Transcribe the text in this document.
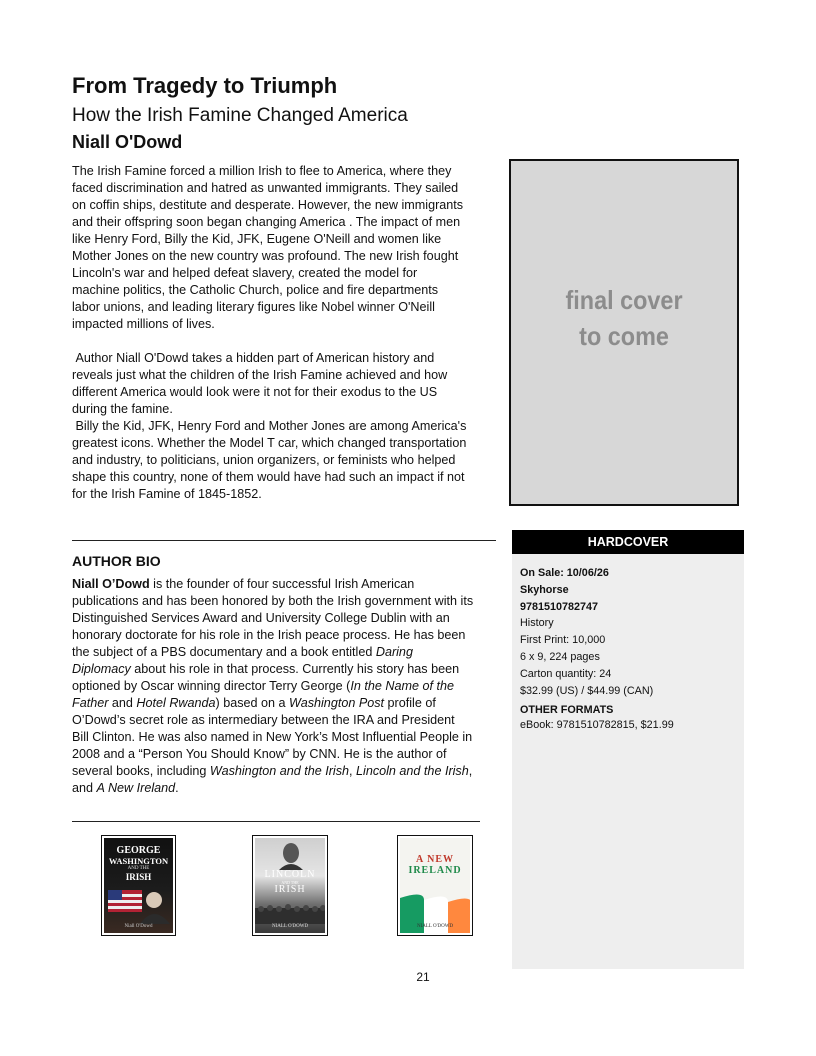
From Tragedy to Triumph
How the Irish Famine Changed America
Niall O'Dowd

The Irish Famine forced a million Irish to flee to America, where they faced discrimination and hatred as unwanted immigrants. They sailed on coffin ships, destitute and desperate. However, the new immigrants and their offspring soon began changing America . The impact of men like Henry Ford, Billy the Kid, JFK, Eugene O'Neill and women like Mother Jones on the new country was profound. The new Irish fought Lincoln's war and helped defeat slavery, created the model for machine politics, the Catholic Church, police and fire departments labor unions, and leading literary figures like Nobel winner O'Neill impacted millions of lives.

Author Niall O'Dowd takes a hidden part of American history and reveals just what the children of the Irish Famine achieved and how different America would look were it not for their exodus to the US during the famine.

Billy the Kid, JFK, Henry Ford and Mother Jones are among America's greatest icons. Whether the Model T car, which changed transportation and industry, to politicians, union organizers, or feminists who helped shape this country, none of them would have had such an impact if not for the Irish Famine of 1845-1852.

AUTHOR BIO

Niall O’Dowd is the founder of four successful Irish American publications and has been honored by both the Irish government with its Distinguished Services Award and University College Dublin with an honorary doctorate for his role in the Irish peace process. He has been the subject of a PBS documentary and a book entitled Daring Diplomacy about his role in that process. Currently his story has been optioned by Oscar winning director Terry George (In the Name of the Father and Hotel Rwanda) based on a Washington Post profile of O’Dowd’s secret role as intermediary between the IRA and President Bill Clinton. He was also named in New York’s Most Influential People in 2008 and a “Person You Should Know” by CNN. He is the author of several books, including Washington and the Irish, Lincoln and the Irish, and A New Ireland.

final cover
to come
HARDCOVER
On Sale: 10/06/26
Skyhorse
9781510782747
History
First Print: 10,000
6 x 9, 224 pages
Carton quantity: 24
$32.99 (US) / $44.99 (CAN)
OTHER FORMATS
eBook: 9781510782815, $21.99
GEORGE
WASHINGTON
AND THE
IRISH
Niall O'Dowd
LINCOLN
AND THE
IRISH
NIALL O'DOWD
A NEW
IRELAND
NIALL O'DOWD
21
